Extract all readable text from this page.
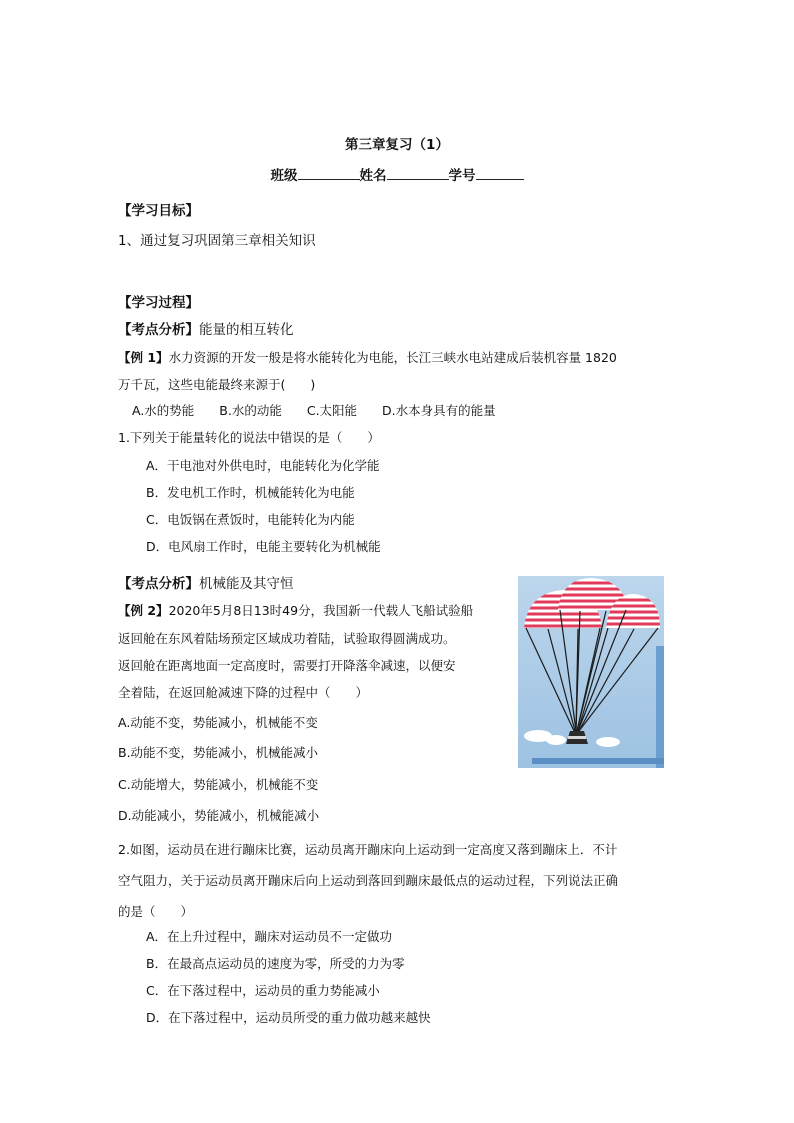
第三章复习（1）
班级	姓名	学号
【学习目标】
1、通过复习巩固第三章相关知识
【学习过程】
【考点分析】能量的相互转化
【例 1】水力资源的开发一般是将水能转化为电能，长江三峡水电站建成后装机容量 1820
万千瓦，这些电能最终来源于(　　)
A.水的势能　　B.水的动能　　C.太阳能　　D.水本身具有的能量
1.下列关于能量转化的说法中错误的是（　　）
A．干电池对外供电时，电能转化为化学能
B．发电机工作时，机械能转化为电能
C．电饭锅在煮饭时，电能转化为内能
D．电风扇工作时，电能主要转化为机械能
【考点分析】机械能及其守恒
【例 2】2020年5月8日13时49分，我国新一代载人飞船试验船
返回舱在东风着陆场预定区域成功着陆，试验取得圆满成功。
返回舱在距离地面一定高度时，需要打开降落伞减速，以便安
全着陆，在返回舱减速下降的过程中（　　）
A.动能不变，势能减小，机械能不变
B.动能不变，势能减小，机械能减小
C.动能增大，势能减小，机械能不变
D.动能减小，势能减小，机械能减小
2.如图，运动员在进行蹦床比赛，运动员离开蹦床向上运动到一定高度又落到蹦床上．不计
空气阻力，关于运动员离开蹦床后向上运动到落回到蹦床最低点的运动过程，下列说法正确
的是（　　）
A．在上升过程中，蹦床对运动员不一定做功
B．在最高点运动员的速度为零，所受的力为零
C．在下落过程中，运动员的重力势能减小
D．在下落过程中，运动员所受的重力做功越来越快
